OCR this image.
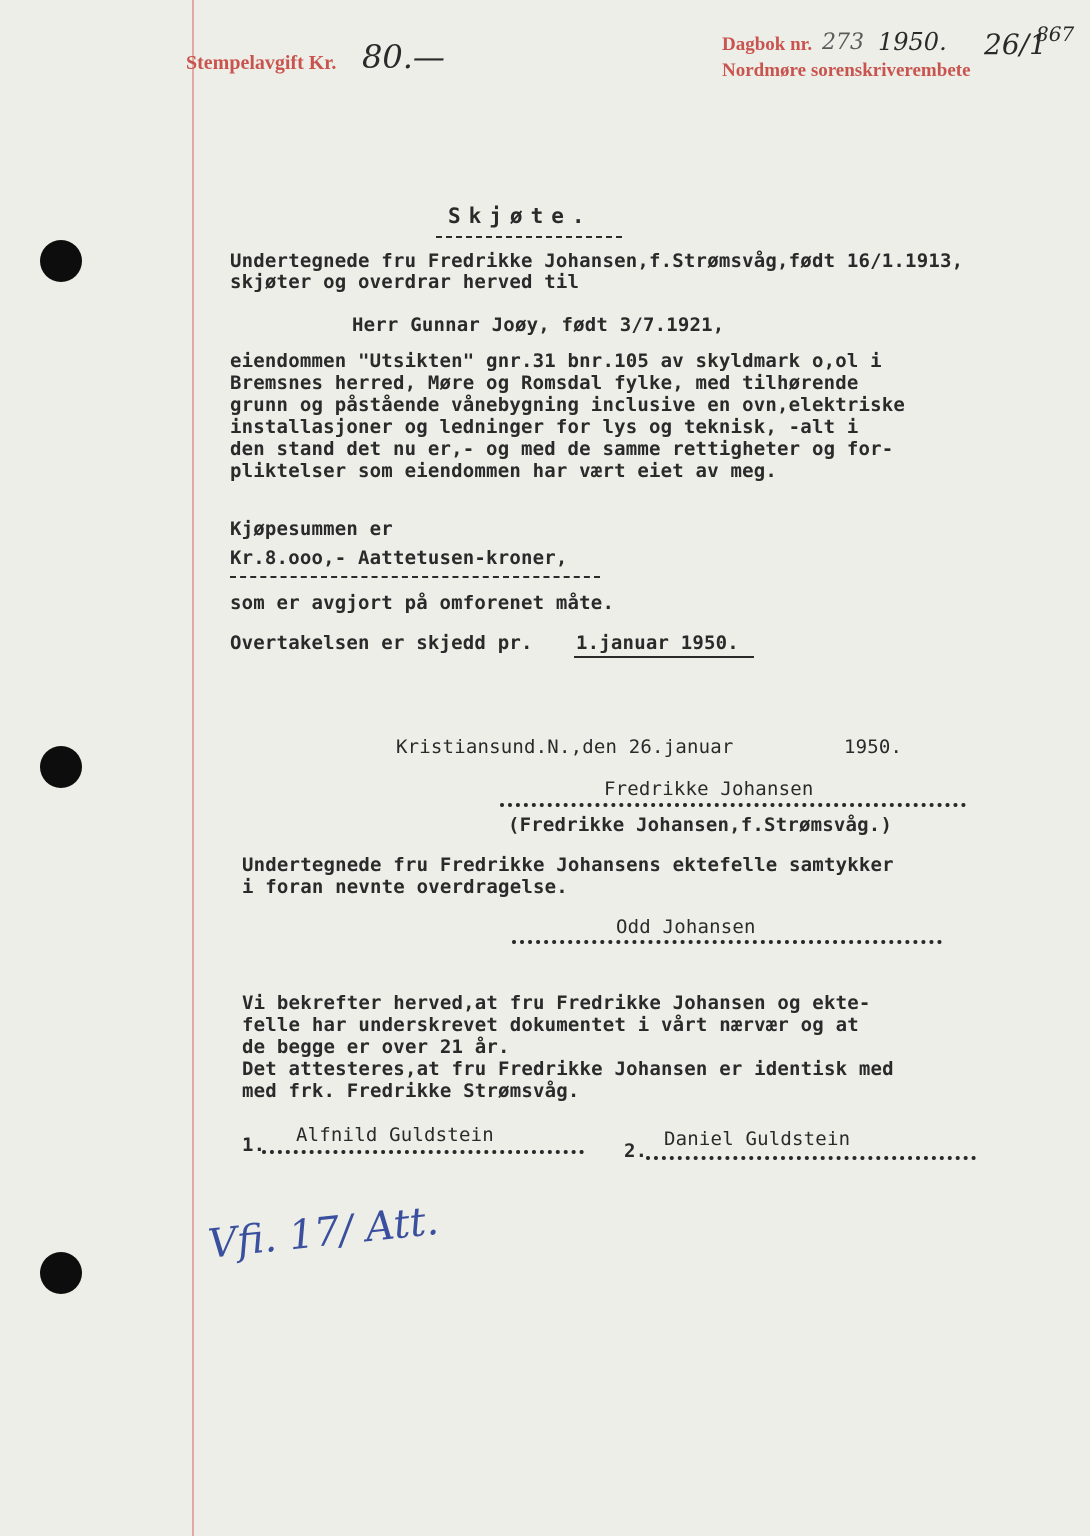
Stempelavgift Kr. 80.—	Dagbok nr. 273 1950. 26/1
867
Nordmøre sorenskriverembete
Skjøte.
Undertegnede fru Fredrikke Johansen,f.Strømsvåg,født 16/1.1913,
skjøter og overdrar herved til
Herr Gunnar Joøy, født 3/7.1921,
eiendommen "Utsikten" gnr.31 bnr.105 av skyldmark o,ol i
Bremsnes herred, Møre og Romsdal fylke, med tilhørende
grunn og påstående vånebygning inclusive en ovn,elektriske
installasjoner og ledninger for lys og teknisk, -alt i
den stand det nu er,- og med de samme rettigheter og for-
pliktelser som eiendommen har vært eiet av meg.
Kjøpesummen er
Kr.8.ooo,- Aattetusen-kroner,
som er avgjort på omforenet måte.
Overtakelsen er skjedd pr. 1.januar 1950.
Kristiansund.N.,den 26.januar	1950.
Fredrikke Johansen
(Fredrikke Johansen,f.Strømsvåg.)
Undertegnede fru Fredrikke Johansens ektefelle samtykker
i foran nevnte overdragelse.
Odd Johansen
Vi bekrefter herved,at fru Fredrikke Johansen og ekte-
felle har underskrevet dokumentet i vårt nærvær og at
de begge er over 21 år.
Det attesteres,at fru Fredrikke Johansen er identisk med
med frk. Fredrikke Strømsvåg.
1. Alfnild Guldstein
2.
Daniel Guldstein
Vfi. 17/ Att.
